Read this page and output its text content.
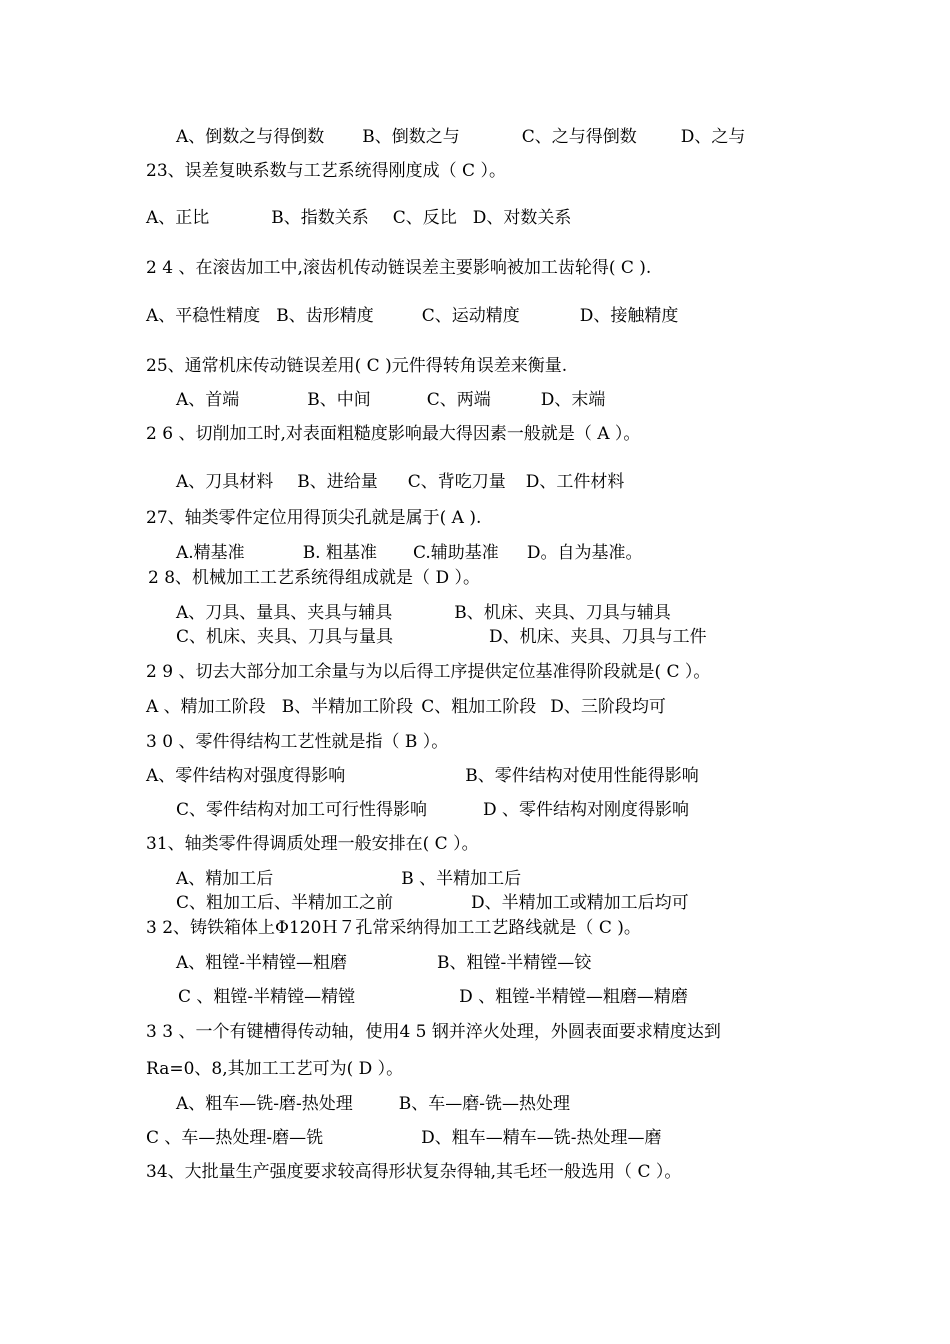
A、倒数之与得倒数 B、倒数之与	C、之与得倒数	D、之与
23、误差复映系数与工艺系统得刚度成（ C ）。
A、正比	B、指数关系 C、反比 D、对数关系
2 4 、在滚齿加工中,滚齿机传动链误差主要影响被加工齿轮得( C ).
A、平稳性精度 B、齿形精度	C、运动精度	D、接触精度
25、通常机床传动链误差用( C )元件得转角误差来衡量.
A、首端	B、中间	C、两端	D、末端
2 6 、切削加工时,对表面粗糙度影响最大得因素一般就是（ A ）。
A、刀具材料 B、进给量 C、背吃刀量 D、工件材料
27、轴类零件定位用得顶尖孔就是属于( A ).
A.精基准	B. 粗基准 C.辅助基准 D。自为基准。
2 8、机械加工工艺系统得组成就是（ D ）。
A、刀具、量具、夹具与辅具	B、机床、夹具、刀具与辅具
C、机床、夹具、刀具与量具	D、机床、夹具、刀具与工件
2 9 、切去大部分加工余量与为以后得工序提供定位基准得阶段就是( C ）。
A 、精加工阶段 B、半精加工阶段 C、粗加工阶段 D、三阶段均可
3 0 、零件得结构工艺性就是指（ B ）。
A、零件结构对强度得影响	B、零件结构对使用性能得影响
C、零件结构对加工可行性得影响	D 、零件结构对刚度得影响
31、轴类零件得调质处理一般安排在( C ）。
A、精加工后	B 、半精加工后
C、粗加工后、半精加工之前	D、半精加工或精加工后均可
3 2、铸铁箱体上Φ120Ｈ７孔常采纳得加工工艺路线就是（ C )。
A、粗镗-半精镗—粗磨	B、粗镗-半精镗—铰
C 、粗镗-半精镗—精镗	D 、粗镗-半精镗—粗磨—精磨
3 3 、一个有键槽得传动轴，使用4 5 钢并淬火处理，外圆表面要求精度达到
Ra=0、8,其加工工艺可为( D ）。
A、粗车—铣-磨-热处理	B、车—磨-铣—热处理
C 、车—热处理-磨—铣	D、粗车—精车—铣-热处理—磨
34、大批量生产强度要求较高得形状复杂得轴,其毛坯一般选用（ C ）。
